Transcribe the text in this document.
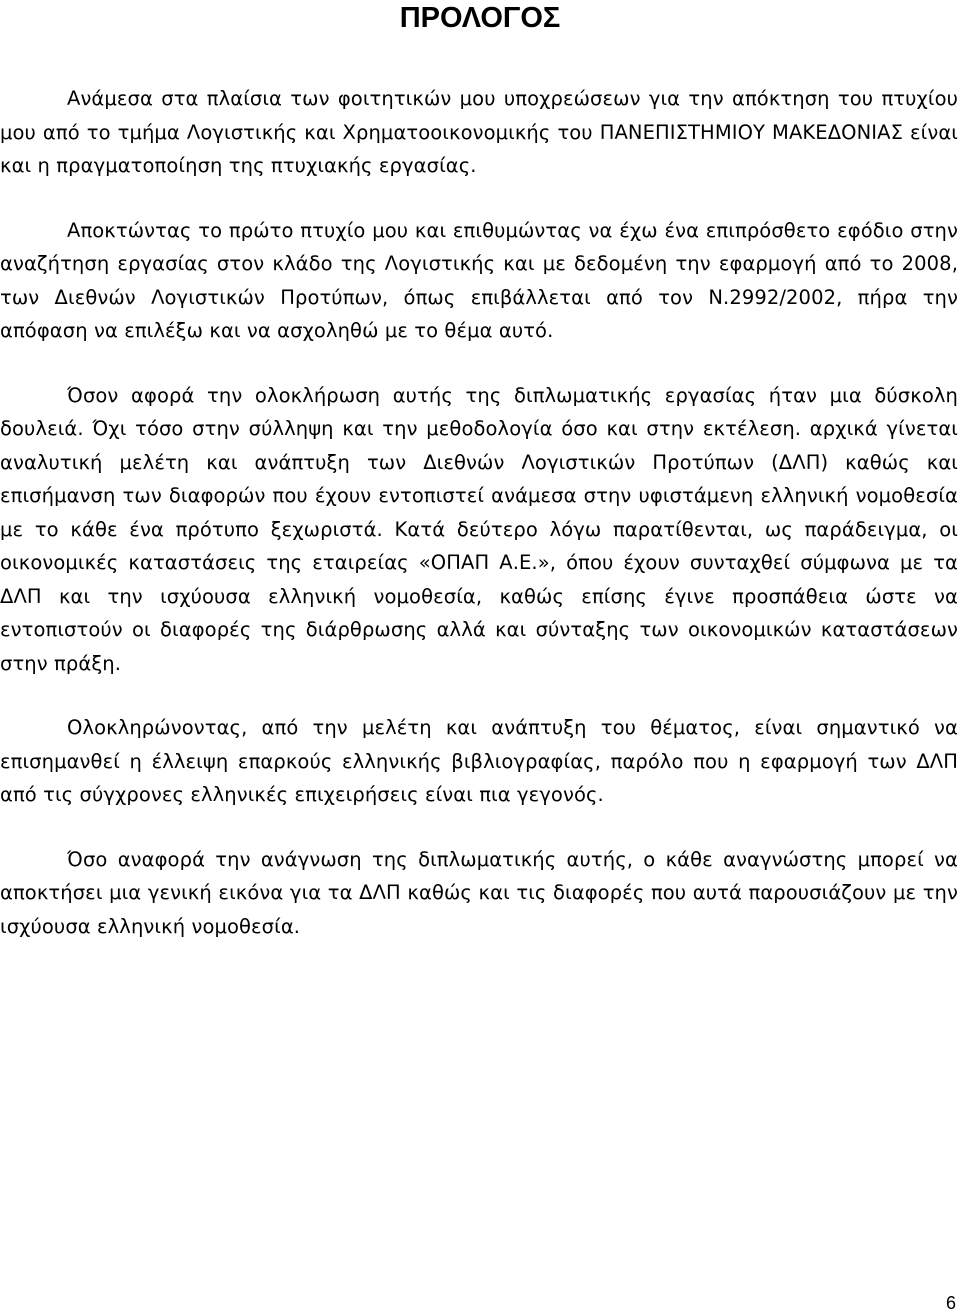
ΠΡΟΛΟΓΟΣ

Ανάμεσα στα πλαίσια των φοιτητικών μου υποχρεώσεων για την απόκτηση του πτυχίου μου από το τμήμα Λογιστικής και Χρηματοοικονομικής του ΠΑΝΕΠΙΣΤΗΜΙΟΥ ΜΑΚΕΔΟΝΙΑΣ είναι και η πραγματοποίηση της πτυχιακής εργασίας.

Αποκτώντας το πρώτο πτυχίο μου και επιθυμώντας να έχω ένα επιπρόσθετο εφόδιο στην αναζήτηση εργασίας στον κλάδο της Λογιστικής και με δεδομένη την εφαρμογή από το 2008, των Διεθνών Λογιστικών Προτύπων, όπως επιβάλλεται από τον Ν.2992/2002, πήρα την απόφαση να επιλέξω και να ασχοληθώ με το θέμα αυτό.

Όσον αφορά την ολοκλήρωση αυτής της διπλωματικής εργασίας ήταν μια δύσκολη δουλειά. Όχι τόσο στην σύλληψη και την μεθοδολογία όσο και στην εκτέλεση. αρχικά γίνεται αναλυτική μελέτη και ανάπτυξη των Διεθνών Λογιστικών Προτύπων (ΔΛΠ) καθώς και επισήμανση των διαφορών που έχουν εντοπιστεί ανάμεσα στην υφιστάμενη ελληνική νομοθεσία με το κάθε ένα πρότυπο ξεχωριστά. Κατά δεύτερο λόγω παρατίθενται, ως παράδειγμα, οι οικονομικές καταστάσεις της εταιρείας «ΟΠΑΠ Α.Ε.», όπου έχουν συνταχθεί σύμφωνα με τα ΔΛΠ και την ισχύουσα ελληνική νομοθεσία, καθώς επίσης έγινε προσπάθεια ώστε να εντοπιστούν οι διαφορές της διάρθρωσης αλλά και σύνταξης των οικονομικών καταστάσεων στην πράξη.

Ολοκληρώνοντας, από την μελέτη και ανάπτυξη του θέματος, είναι σημαντικό να επισημανθεί η έλλειψη επαρκούς ελληνικής βιβλιογραφίας, παρόλο που η εφαρμογή των ΔΛΠ από τις σύγχρονες ελληνικές επιχειρήσεις είναι πια γεγονός.

Όσο αναφορά την ανάγνωση της διπλωματικής αυτής, ο κάθε αναγνώστης μπορεί να αποκτήσει μια γενική εικόνα για τα ΔΛΠ καθώς και τις διαφορές που αυτά παρουσιάζουν με την ισχύουσα ελληνική νομοθεσία.

6
